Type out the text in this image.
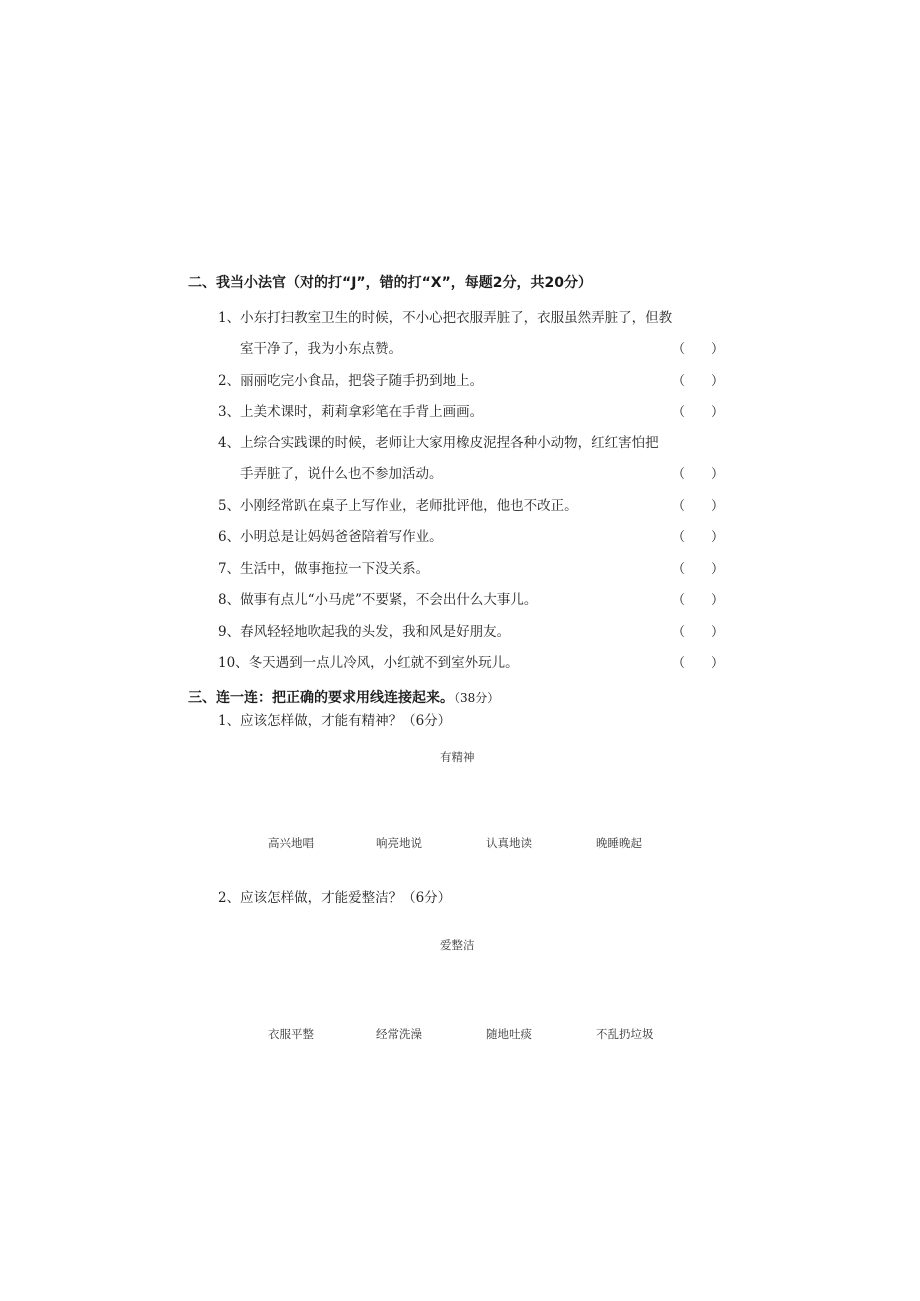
二、我当小法官（对的打“J”，错的打“X”，每题2分，共20分）
1、小东打扫教室卫生的时候，不小心把衣服弄脏了，衣服虽然弄脏了，但教
室干净了，我为小东点赞。	（　　）
2、丽丽吃完小食品，把袋子随手扔到地上。	（　　）
3、上美术课时，莉莉拿彩笔在手背上画画。	（　　）
4、上综合实践课的时候，老师让大家用橡皮泥捏各种小动物，红红害怕把
手弄脏了，说什么也不参加活动。	（　　）
5、小刚经常趴在桌子上写作业，老师批评他，他也不改正。	（　　）
6、小明总是让妈妈爸爸陪着写作业。	（　　）
7、生活中，做事拖拉一下没关系。	（　　）
8、做事有点儿“小马虎”不要紧，不会出什么大事儿。	（　　）
9、春风轻轻地吹起我的头发，我和风是好朋友。	（　　）
10、冬天遇到一点儿冷风，小红就不到室外玩儿。	（　　）
三、连一连：把正确的要求用线连接起来。（38分）
1、应该怎样做，才能有精神？（6分）
有精神
高兴地唱	响亮地说	认真地读	晚睡晚起
2、应该怎样做，才能爱整洁？（6分）
爱整洁
衣服平整	经常洗澡	随地吐痰	不乱扔垃圾
